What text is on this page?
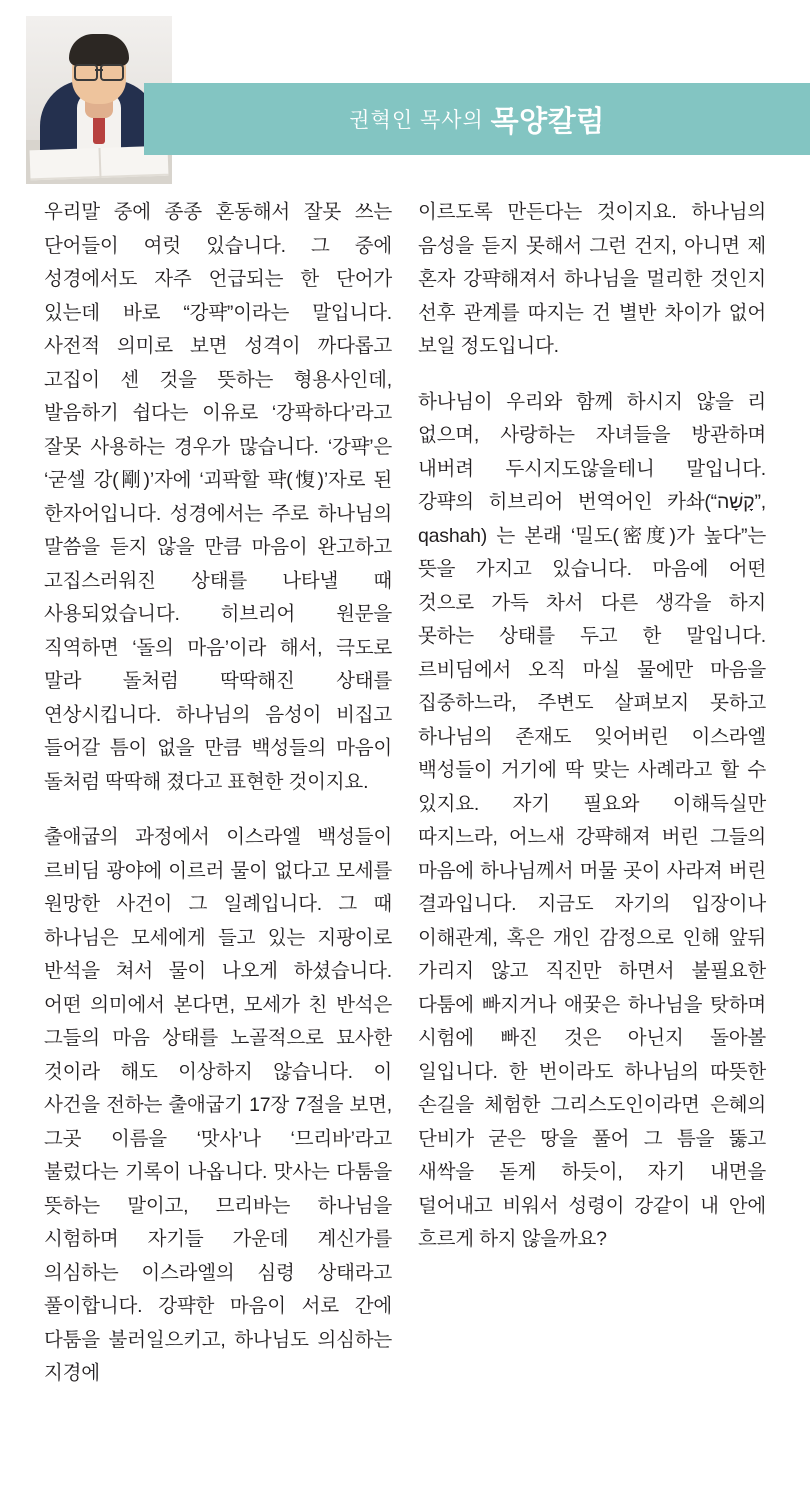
권혁인 목사의
목양칼럼

우리말 중에 종종 혼동해서 잘못 쓰는 단어들이 여럿 있습니다. 그 중에 성경에서도 자주 언급되는 한 단어가 있는데 바로 “강퍅”이라는 말입니다. 사전적 의미로 보면 성격이 까다롭고 고집이 센 것을 뜻하는 형용사인데, 발음하기 쉽다는 이유로 ‘강팍하다’라고 잘못 사용하는 경우가 많습니다. ‘강퍅’은 ‘굳셀 강(剛)’자에 ‘괴팍할 퍅(愎)’자로 된 한자어입니다. 성경에서는 주로 하나님의 말씀을 듣지 않을 만큼 마음이 완고하고 고집스러워진 상태를 나타낼 때 사용되었습니다. 히브리어 원문을 직역하면 ‘돌의 마음’이라 해서, 극도로 말라 돌처럼 딱딱해진 상태를 연상시킵니다. 하나님의 음성이 비집고 들어갈 틈이 없을 만큼 백성들의 마음이 돌처럼 딱딱해 졌다고 표현한 것이지요.

출애굽의 과정에서 이스라엘 백성들이 르비딤 광야에 이르러 물이 없다고 모세를 원망한 사건이 그 일례입니다. 그 때 하나님은 모세에게 들고 있는 지팡이로 반석을 쳐서 물이 나오게 하셨습니다. 어떤 의미에서 본다면, 모세가 친 반석은 그들의 마음 상태를 노골적으로 묘사한 것이라 해도 이상하지 않습니다. 이 사건을 전하는 출애굽기 17장 7절을 보면, 그곳 이름을 ‘맛사’나 ‘므리바’라고 불렀다는 기록이 나옵니다. 맛사는 다툼을 뜻하는 말이고, 므리바는 하나님을 시험하며 자기들 가운데 계신가를 의심하는 이스라엘의 심령 상태라고 풀이합니다. 강퍅한 마음이 서로 간에 다툼을 불러일으키고, 하나님도 의심하는 지경에

이르도록 만든다는 것이지요. 하나님의 음성을 듣지 못해서 그런 건지, 아니면 제 혼자 강퍅해져서 하나님을 멀리한 것인지 선후 관계를 따지는 건 별반 차이가 없어 보일 정도입니다.

하나님이 우리와 함께 하시지 않을 리 없으며, 사랑하는 자녀들을 방관하며 내버려 두시지도않을테니 말입니다. 강퍅의 히브리어 번역어인 카솨(“קָשָׁה”, qashah) 는 본래 ‘밀도(密度)가 높다”는 뜻을 가지고 있습니다. 마음에 어떤 것으로 가득 차서 다른 생각을 하지 못하는 상태를 두고 한 말입니다. 르비딤에서 오직 마실 물에만 마음을 집중하느라, 주변도 살펴보지 못하고 하나님의 존재도 잊어버린 이스라엘 백성들이 거기에 딱 맞는 사례라고 할 수 있지요. 자기 필요와 이해득실만 따지느라, 어느새 강퍅해져 버린 그들의 마음에 하나님께서 머물 곳이 사라져 버린 결과입니다. 지금도 자기의 입장이나 이해관계, 혹은 개인 감정으로 인해 앞뒤 가리지 않고 직진만 하면서 불필요한 다툼에 빠지거나 애꿎은 하나님을 탓하며 시험에 빠진 것은 아닌지 돌아볼 일입니다. 한 번이라도 하나님의 따뜻한 손길을 체험한 그리스도인이라면 은혜의 단비가 굳은 땅을 풀어 그 틈을 뚫고 새싹을 돋게 하듯이, 자기 내면을 덜어내고 비워서 성령이 강같이 내 안에 흐르게 하지 않을까요?
